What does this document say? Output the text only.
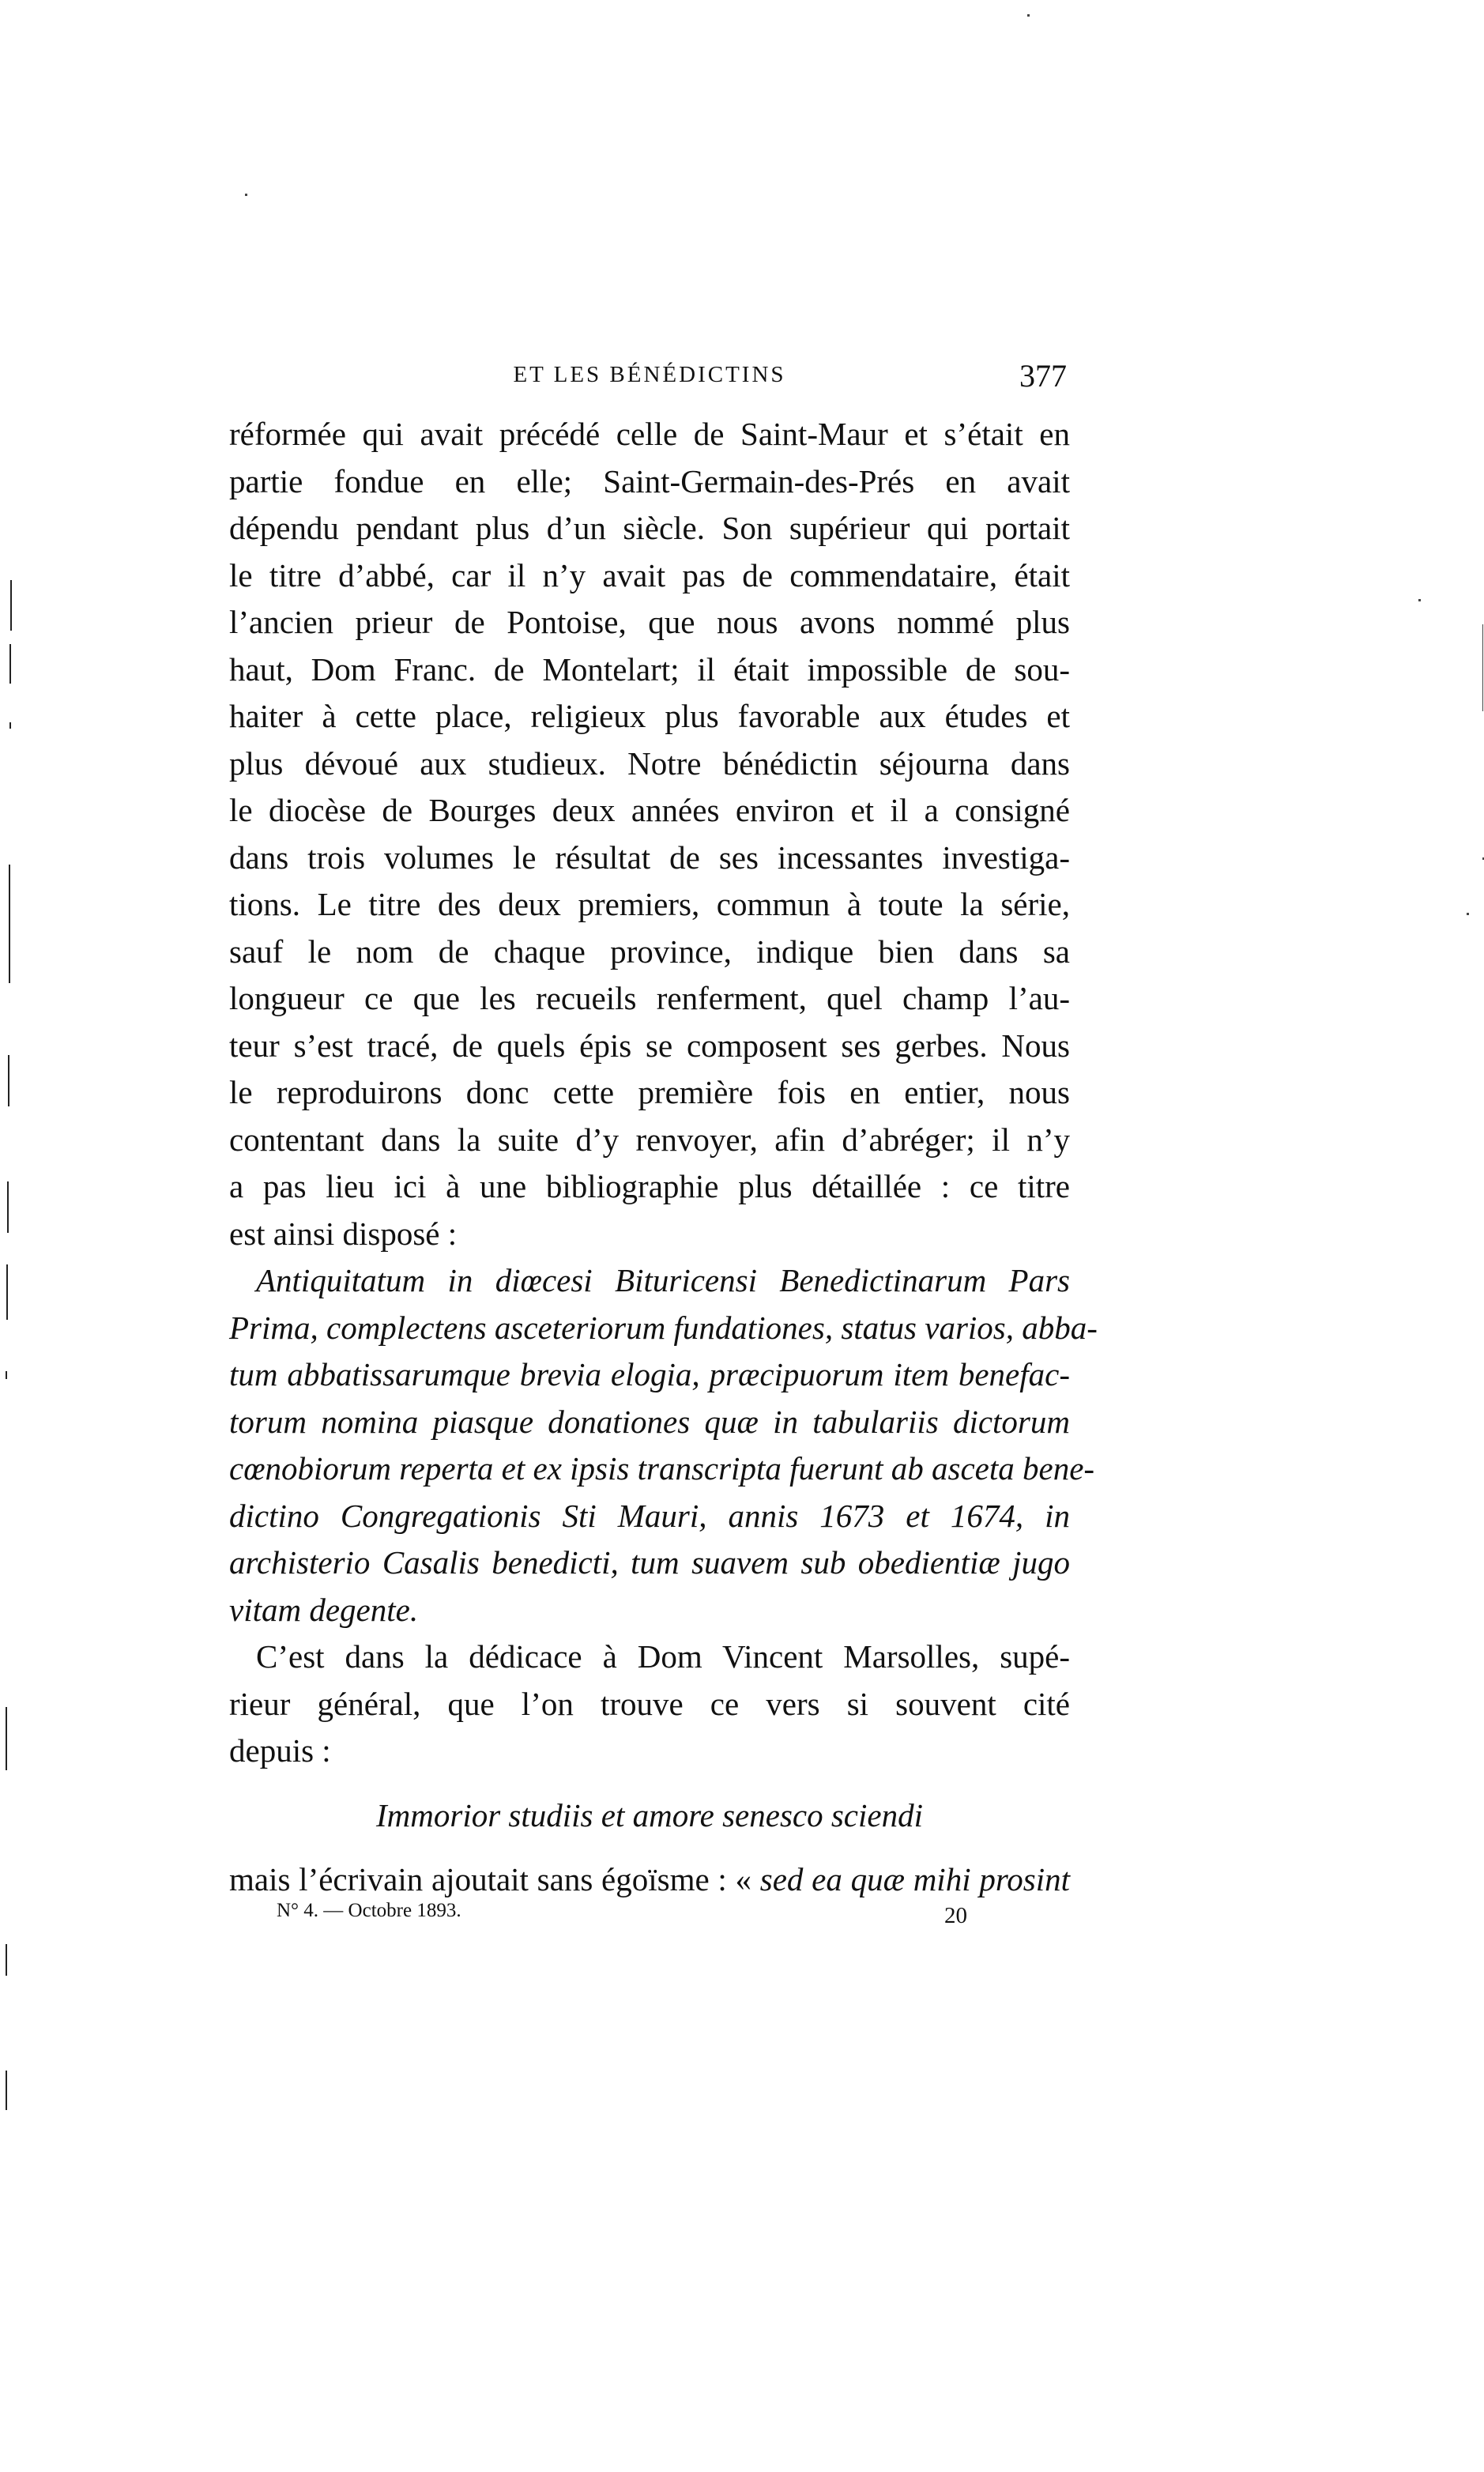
ET LES BÉNÉDICTINS	377
réformée qui avait précédé celle de Saint-Maur et s’était en
partie fondue en elle; Saint-Germain-des-Prés en avait
dépendu pendant plus d’un siècle. Son supérieur qui portait
le titre d’abbé, car il n’y avait pas de commendataire, était
l’ancien prieur de Pontoise, que nous avons nommé plus
haut, Dom Franc. de Montelart; il était impossible de sou-
haiter à cette place, religieux plus favorable aux études et
plus dévoué aux studieux. Notre bénédictin séjourna dans
le diocèse de Bourges deux années environ et il a consigné
dans trois volumes le résultat de ses incessantes investiga-
tions. Le titre des deux premiers, commun à toute la série,
sauf le nom de chaque province, indique bien dans sa
longueur ce que les recueils renferment, quel champ l’au-
teur s’est tracé, de quels épis se composent ses gerbes. Nous
le reproduirons donc cette première fois en entier, nous
contentant dans la suite d’y renvoyer, afin d’abréger; il n’y
a pas lieu ici à une bibliographie plus détaillée : ce titre
est ainsi disposé :
Antiquitatum in diœcesi Bituricensi Benedictinarum Pars
Prima, complectens asceteriorum fundationes, status varios, abba-
tum abbatissarumque brevia elogia, præcipuorum item benefac-
torum nomina piasque donationes quæ in tabulariis dictorum
cœnobiorum reperta et ex ipsis transcripta fuerunt ab asceta bene-
dictino Congregationis Sti Mauri, annis 1673 et 1674, in
archisterio Casalis benedicti, tum suavem sub obedientiæ jugo
vitam degente.
C’est dans la dédicace à Dom Vincent Marsolles, supé-
rieur général, que l’on trouve ce vers si souvent cité
depuis :
Immorior studiis et amore senesco sciendi
mais l’écrivain ajoutait sans égoïsme : « sed ea quæ mihi prosint
N° 4. — Octobre 1893.	20
